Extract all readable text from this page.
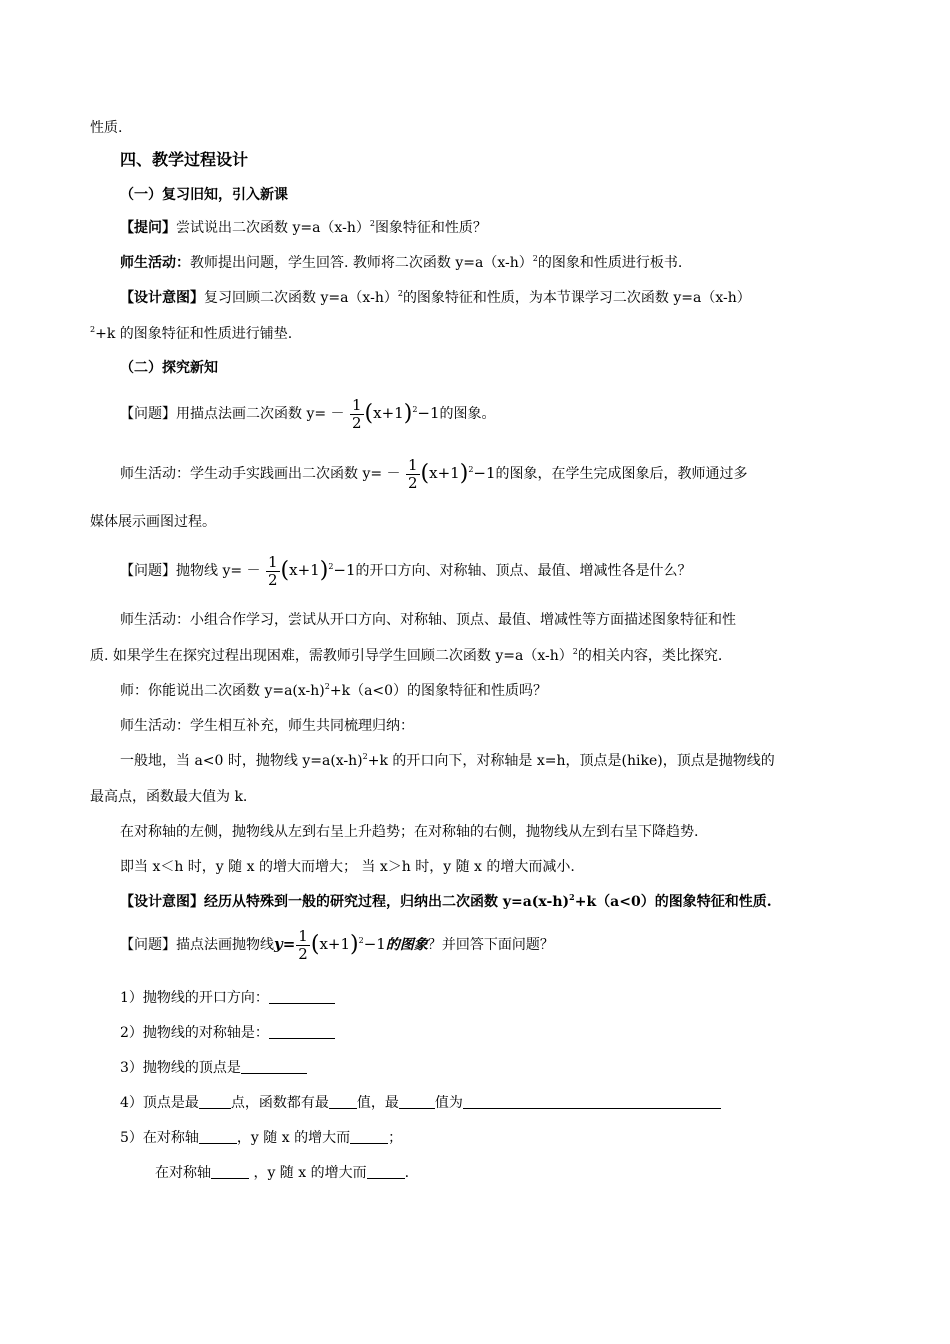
性质.
四、教学过程设计
（一）复习旧知，引入新课
【提问】尝试说出二次函数 $y=a(x-h)^2$图象特征和性质？
师生活动：教师提出问题，学生回答. 教师将二次函数 $y=a(x-h)^2$的图象和性质进行板书.
【设计意图】复习回顾二次函数 $y=a(x-h)^2$的图象特征和性质，为本节课学习二次函数 y=a（x-h）
$^2$+k 的图象特征和性质进行铺垫.
（二）探究新知
【问题】用描点法画二次函数 $y= - \frac{1}{2} (x+1)^2-1$的图象。
师生活动：学生动手实践画出二次函数 $y= - \frac{1}{2} (x+1)^2-1$的图象，在学生完成图象后，教师通过多
媒体展示画图过程。
【问题】抛物线 $y= - \frac{1}{2} (x+1)^2-1$的开口方向、对称轴、顶点、最值、增减性各是什么？
师生活动：小组合作学习，尝试从开口方向、对称轴、顶点、最值、增减性等方面描述图象特征和性
质. 如果学生在探究过程出现困难，需教师引导学生回顾二次函数 $y=a(x-h)^2$的相关内容，类比探究.
师：你能说出二次函数 $y=a(x-h)^2+k(a<0)$的图象特征和性质吗？
师生活动：学生相互补充，师生共同梳理归纳：
一般地，当 a<0 时，抛物线 $y=a(x-h)^2+k$ 的开口向下，对称轴是 x=h，顶点是(hike)，顶点是抛物线的
最高点，函数最大值为 k.
在对称轴的左侧，抛物线从左到右呈上升趋势；在对称轴的右侧，抛物线从左到右呈下降趋势.
即当 x＜h 时，y 随 x 的增大而增大； 当 x＞h 时，y 随 x 的增大而减小.
【设计意图】经历从特殊到一般的研究过程，归纳出二次函数 $y=a(x-h)^2+k(a<0)$的图象特征和性质.
【问题】描点法画抛物线$y= \frac{1}{2} (x+1)^2-1$的图象？并回答下面问题？
1）抛物线的开口方向：
2）抛物线的对称轴是：
3）抛物线的顶点是
4）顶点是最 点，函数都有最 值，最	值为
5）在对称轴	，y 随 x 的增大而	；
在对称轴	，y 随 x 的增大而	.
